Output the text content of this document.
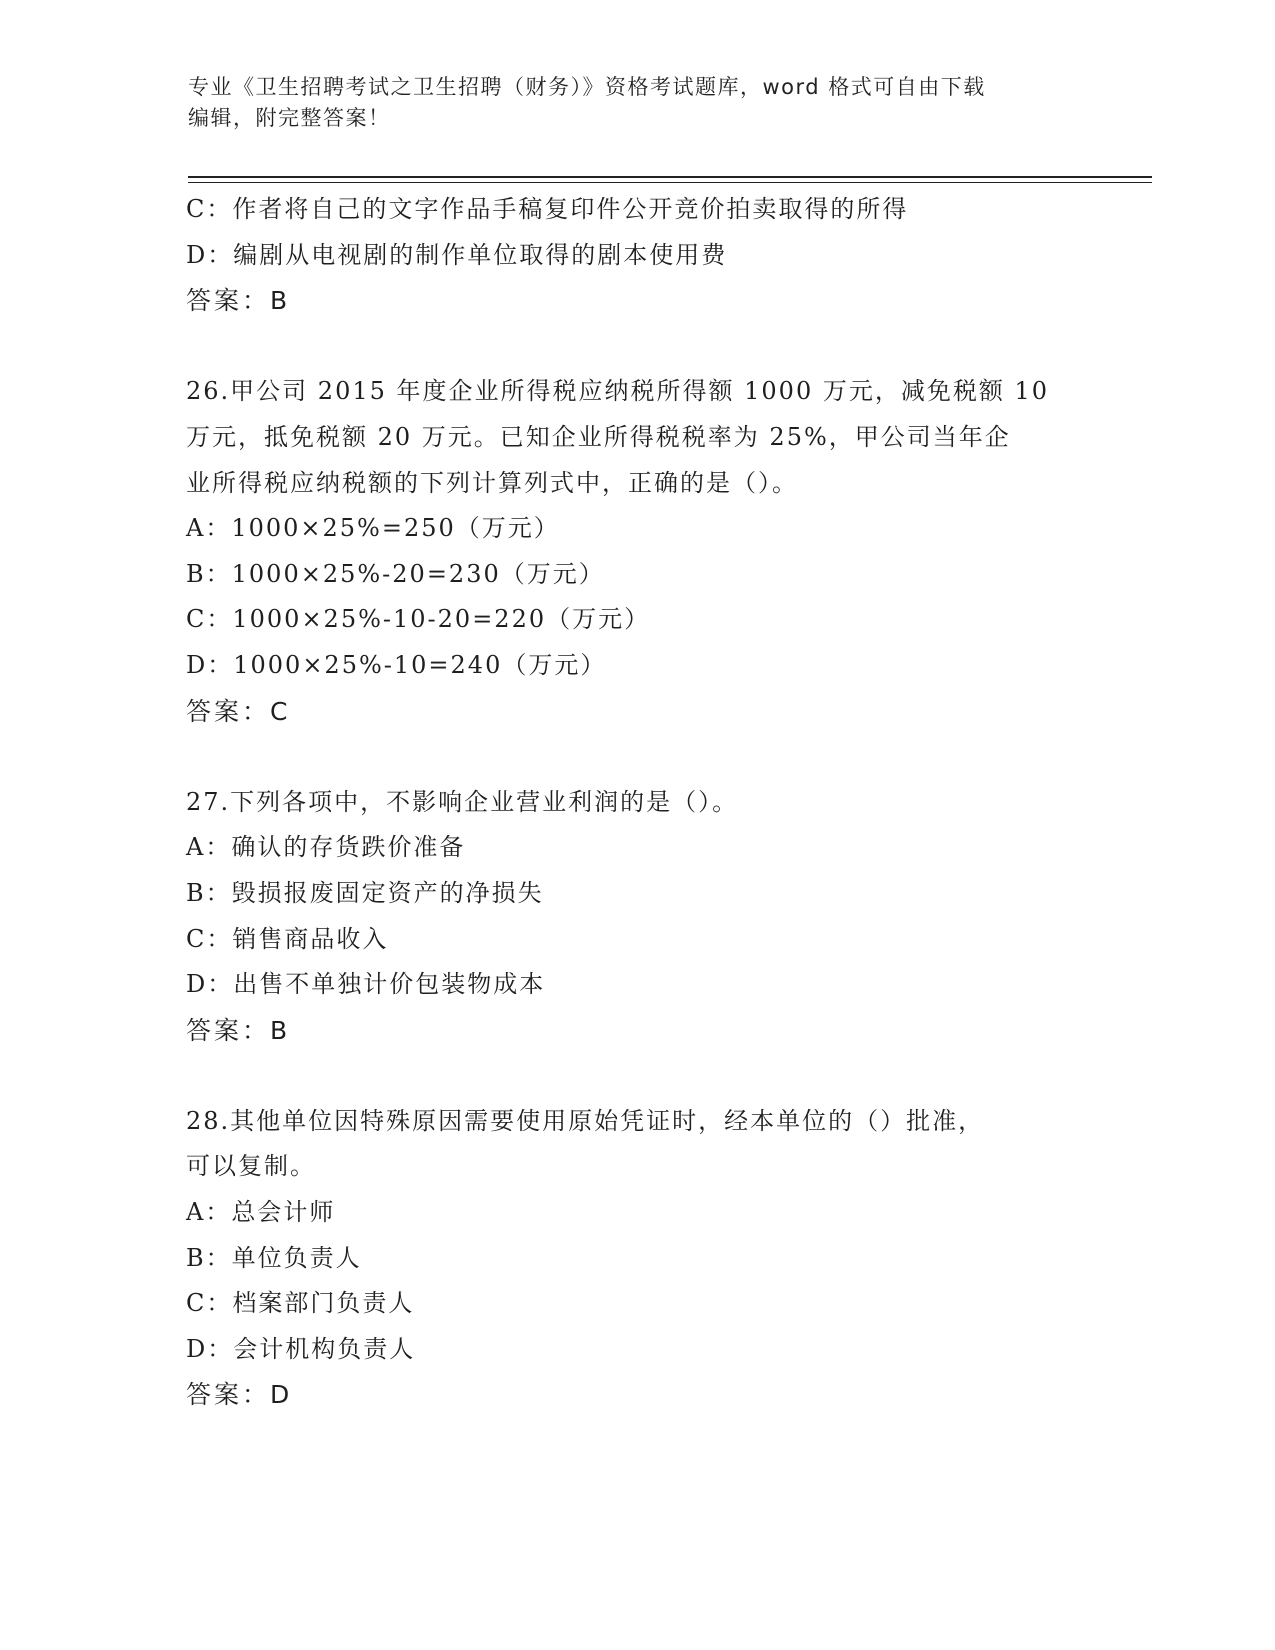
专业《卫生招聘考试之卫生招聘（财务）》资格考试题库，word 格式可自由下载
编辑，附完整答案！
C：作者将自己的文字作品手稿复印件公开竞价拍卖取得的所得
D：编剧从电视剧的制作单位取得的剧本使用费
答案：B
26.甲公司 2015 年度企业所得税应纳税所得额 1000 万元，减免税额 10
万元，抵免税额 20 万元。已知企业所得税税率为 25%，甲公司当年企
业所得税应纳税额的下列计算列式中，正确的是（）。
A：1000×25%=250（万元）
B：1000×25%-20=230（万元）
C：1000×25%-10-20=220（万元）
D：1000×25%-10=240（万元）
答案：C
27.下列各项中，不影响企业营业利润的是（）。
A：确认的存货跌价准备
B：毁损报废固定资产的净损失
C：销售商品收入
D：出售不单独计价包装物成本
答案：B
28.其他单位因特殊原因需要使用原始凭证时，经本单位的（）批准，
可以复制。
A：总会计师
B：单位负责人
C：档案部门负责人
D：会计机构负责人
答案：D
